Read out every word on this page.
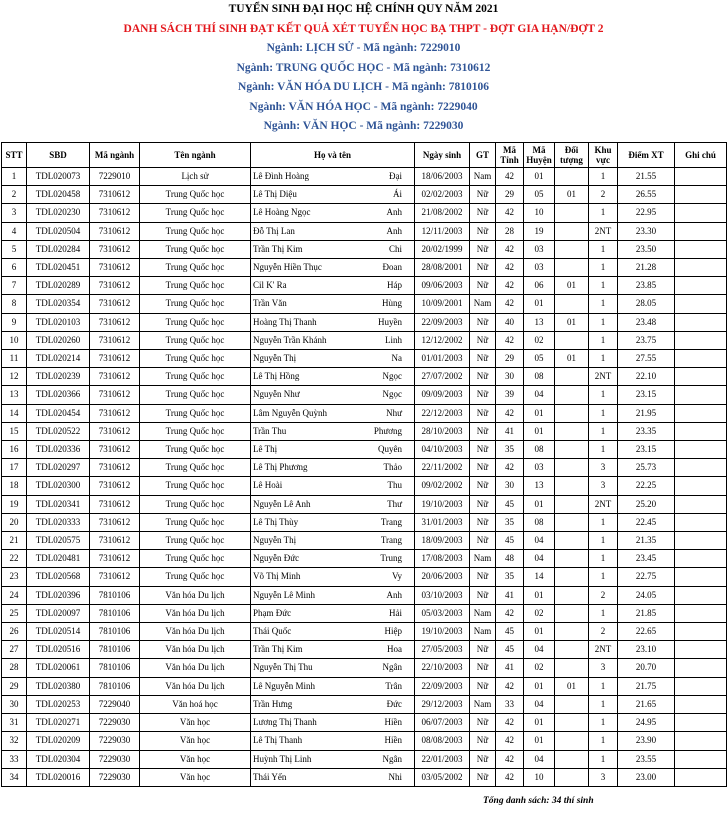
TUYỂN SINH ĐẠI HỌC HỆ CHÍNH QUY NĂM 2021
DANH SÁCH THÍ SINH ĐẠT KẾT QUẢ XÉT TUYỂN HỌC BẠ THPT - ĐỢT GIA HẠN/ĐỢT 2
Ngành: LỊCH SỬ - Mã ngành: 7229010
Ngành: TRUNG QUỐC HỌC - Mã ngành: 7310612
Ngành: VĂN HÓA DU LỊCH - Mã ngành: 7810106
Ngành: VĂN HÓA HỌC - Mã ngành: 7229040
Ngành: VĂN HỌC - Mã ngành: 7229030
STT	SBD	Mã ngành	Tên ngành	Họ và tên	Ngày sinh	GT	Mã Tỉnh	Mã Huyện	Đối tượng	Khu vực	Điểm XT	Ghi chú
1	TDL020073	7229010	Lịch sử	Lê Đình Hoàng Đại	18/06/2003	Nam	42	01		1	21.55	
2	TDL020458	7310612	Trung Quốc học	Lê Thị Diệu Ái	02/02/2003	Nữ	29	05	01	2	26.55	
3	TDL020230	7310612	Trung Quốc học	Lê Hoàng Ngọc Anh	21/08/2002	Nữ	42	10		1	22.95	
4	TDL020504	7310612	Trung Quốc học	Đỗ Thị Lan Anh	12/11/2003	Nữ	28	19		2NT	23.30	
5	TDL020284	7310612	Trung Quốc học	Trần Thị Kim Chi	20/02/1999	Nữ	42	03		1	23.50	
6	TDL020451	7310612	Trung Quốc học	Nguyễn Hiền Thục Đoan	28/08/2001	Nữ	42	03		1	21.28	
7	TDL020289	7310612	Trung Quốc học	Cil K' Ra Háp	09/06/2003	Nữ	42	06	01	1	23.85	
8	TDL020354	7310612	Trung Quốc học	Trần Văn Hùng	10/09/2001	Nam	42	01		1	28.05	
9	TDL020103	7310612	Trung Quốc học	Hoàng Thị Thanh Huyền	22/09/2003	Nữ	40	13	01	1	23.48	
10	TDL020260	7310612	Trung Quốc học	Nguyễn Trần Khánh Linh	12/12/2002	Nữ	42	02		1	23.75	
11	TDL020214	7310612	Trung Quốc học	Nguyễn Thị Na	01/01/2003	Nữ	29	05	01	1	27.55	
12	TDL020239	7310612	Trung Quốc học	Lê Thị Hồng Ngọc	27/07/2002	Nữ	30	08		2NT	22.10	
13	TDL020366	7310612	Trung Quốc học	Nguyễn Như Ngọc	09/09/2003	Nữ	39	04		1	23.15	
14	TDL020454	7310612	Trung Quốc học	Lâm Nguyễn Quỳnh Như	22/12/2003	Nữ	42	01		1	21.95	
15	TDL020522	7310612	Trung Quốc học	Trần Thu Phương	28/10/2003	Nữ	41	01		1	23.35	
16	TDL020336	7310612	Trung Quốc học	Lê Thị Quyên	04/10/2003	Nữ	35	08		1	23.15	
17	TDL020297	7310612	Trung Quốc học	Lê Thị Phương Thảo	22/11/2002	Nữ	42	03		3	25.73	
18	TDL020300	7310612	Trung Quốc học	Lê Hoài Thu	09/02/2002	Nữ	30	13		3	22.25	
19	TDL020341	7310612	Trung Quốc học	Nguyễn Lê Anh Thư	19/10/2003	Nữ	45	01		2NT	25.20	
20	TDL020333	7310612	Trung Quốc học	Lê Thị Thùy Trang	31/01/2003	Nữ	35	08		1	22.45	
21	TDL020575	7310612	Trung Quốc học	Nguyễn Thị Trang	18/09/2003	Nữ	45	04		1	21.35	
22	TDL020481	7310612	Trung Quốc học	Nguyễn Đức Trung	17/08/2003	Nam	48	04		1	23.45	
23	TDL020568	7310612	Trung Quốc học	Võ Thị Minh Vy	20/06/2003	Nữ	35	14		1	22.75	
24	TDL020396	7810106	Văn hóa Du lịch	Nguyễn Lê Minh Anh	03/10/2003	Nữ	41	01		2	24.05	
25	TDL020097	7810106	Văn hóa Du lịch	Phạm Đức Hải	05/03/2003	Nam	42	02		1	21.85	
26	TDL020514	7810106	Văn hóa Du lịch	Thái Quốc Hiệp	19/10/2003	Nam	45	01		2	22.65	
27	TDL020516	7810106	Văn hóa Du lịch	Trần Thị Kim Hoa	27/05/2003	Nữ	45	04		2NT	23.10	
28	TDL020061	7810106	Văn hóa Du lịch	Nguyễn Thị Thu Ngân	22/10/2003	Nữ	41	02		3	20.70	
29	TDL020380	7810106	Văn hóa Du lịch	Lê Nguyễn Minh Trân	22/09/2003	Nữ	42	01	01	1	21.75	
30	TDL020253	7229040	Văn hoá học	Trần Hưng Đức	29/12/2003	Nam	33	04		1	21.65	
31	TDL020271	7229030	Văn học	Lương Thị Thanh Hiền	06/07/2003	Nữ	42	01		1	24.95	
32	TDL020209	7229030	Văn học	Lê Thị Thanh Hiền	08/08/2003	Nữ	42	01		1	23.90	
33	TDL020304	7229030	Văn học	Huỳnh Thị Linh Ngân	22/01/2003	Nữ	42	04		1	23.55	
34	TDL020016	7229030	Văn học	Thái Yến Nhi	03/05/2002	Nữ	42	10		3	23.00	
Tổng danh sách: 34 thí sinh
